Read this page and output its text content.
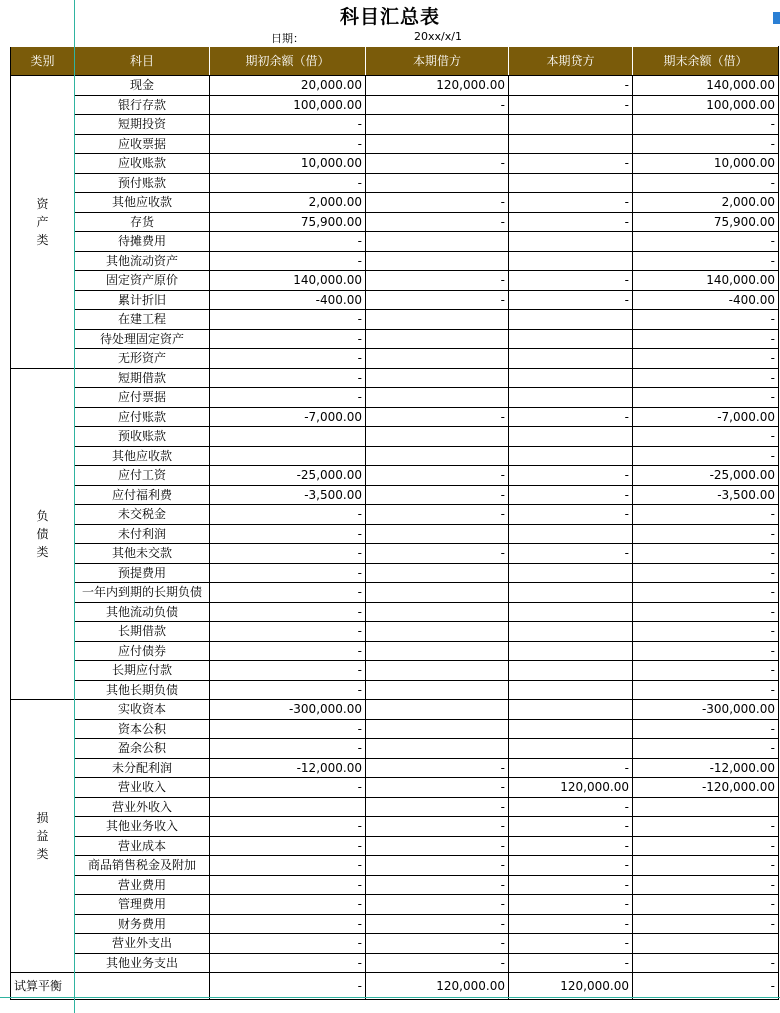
科目汇总表
日期：	20xx/x/1
类别	科目	期初余额（借）	本期借方	本期贷方	期末余额（借）
资产类	现金	20,000.00	120,000.00	-	140,000.00
	银行存款	100,000.00	-	-	100,000.00
	短期投资	-			-
	应收票据	-			-
	应收账款	10,000.00	-	-	10,000.00
	预付账款	-			-
	其他应收款	2,000.00	-	-	2,000.00
	存货	75,900.00	-	-	75,900.00
	待摊费用	-			-
	其他流动资产	-			-
	固定资产原价	140,000.00	-	-	140,000.00
	累计折旧	-400.00	-	-	-400.00
	在建工程	-			-
	待处理固定资产	-			-
	无形资产	-			-
负债类	短期借款	-			-
	应付票据	-			-
	应付账款	-7,000.00	-	-	-7,000.00
	预收账款				-
	其他应收款				-
	应付工资	-25,000.00	-	-	-25,000.00
	应付福利费	-3,500.00	-	-	-3,500.00
	未交税金	-	-	-	-
	未付利润	-			-
	其他未交款	-	-	-	-
	预提费用	-			-
	一年内到期的长期负债	-			-
	其他流动负债	-			-
	长期借款	-			-
	应付债券	-			-
	长期应付款	-			-
	其他长期负债	-			-
损益类	实收资本	-300,000.00			-300,000.00
	资本公积	-			-
	盈余公积	-			-
	未分配利润	-12,000.00	-	-	-12,000.00
	营业收入	-	-	120,000.00	-120,000.00
	营业外收入		-	-	
	其他业务收入	-	-	-	-
	营业成本	-	-	-	-
	商品销售税金及附加	-	-	-	-
	营业费用	-	-	-	-
	管理费用	-	-	-	-
	财务费用	-	-	-	-
	营业外支出	-	-	-	
	其他业务支出	-	-	-	-
试算平衡		-	120,000.00	120,000.00	-
